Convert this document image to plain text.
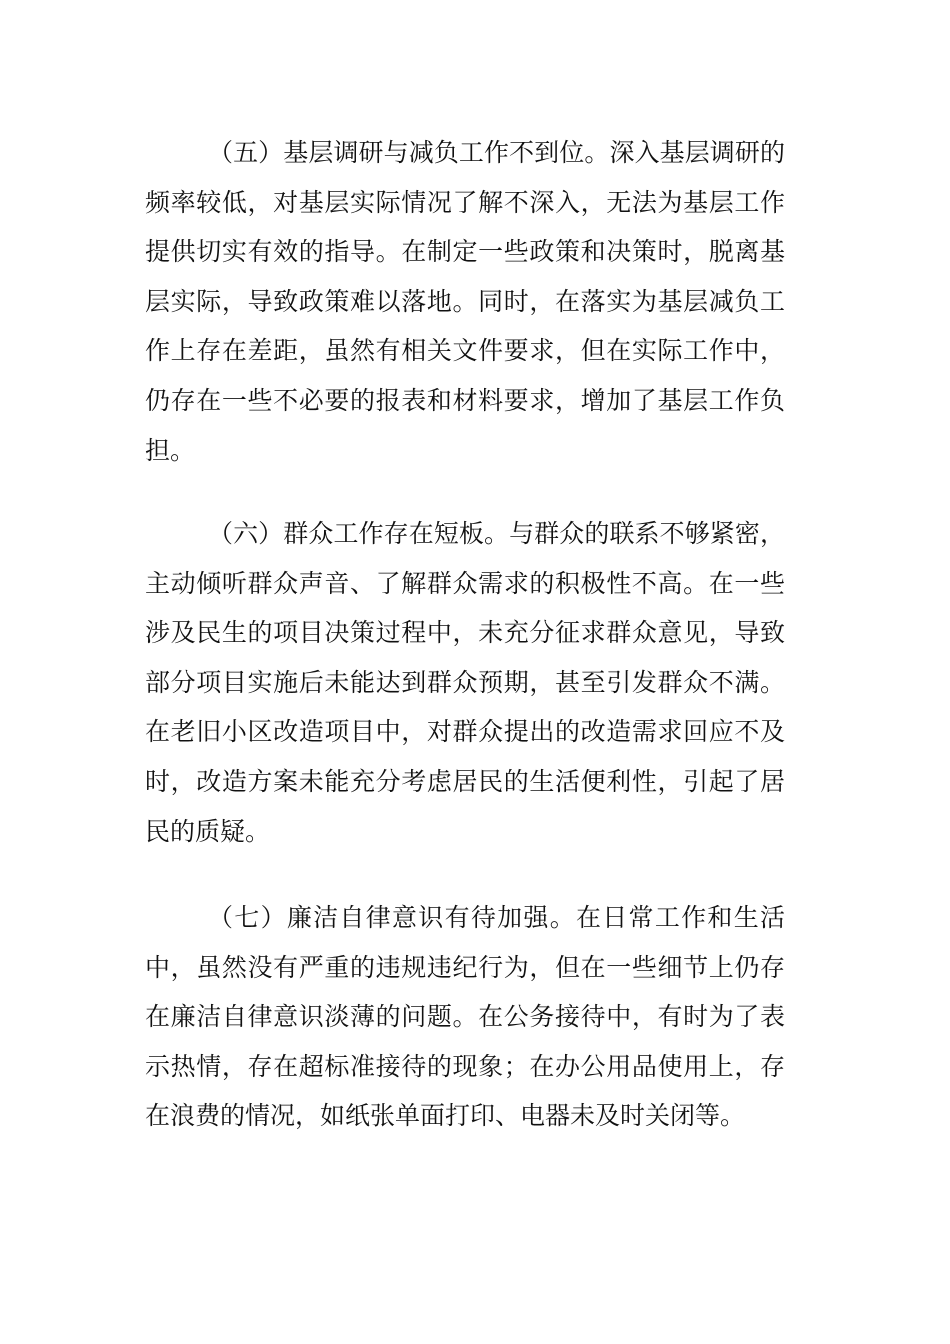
（五）基层调研与减负工作不到位。深入基层调研的频率较低，对基层实际情况了解不深入，无法为基层工作提供切实有效的指导。在制定一些政策和决策时，脱离基层实际，导致政策难以落地。同时，在落实为基层减负工作上存在差距，虽然有相关文件要求，但在实际工作中，仍存在一些不必要的报表和材料要求，增加了基层工作负担。

（六）群众工作存在短板。与群众的联系不够紧密，主动倾听群众声音、了解群众需求的积极性不高。在一些涉及民生的项目决策过程中，未充分征求群众意见，导致部分项目实施后未能达到群众预期，甚至引发群众不满。在老旧小区改造项目中，对群众提出的改造需求回应不及时，改造方案未能充分考虑居民的生活便利性，引起了居民的质疑。

（七）廉洁自律意识有待加强。在日常工作和生活中，虽然没有严重的违规违纪行为，但在一些细节上仍存在廉洁自律意识淡薄的问题。在公务接待中，有时为了表示热情，存在超标准接待的现象；在办公用品使用上，存在浪费的情况，如纸张单面打印、电器未及时关闭等。
